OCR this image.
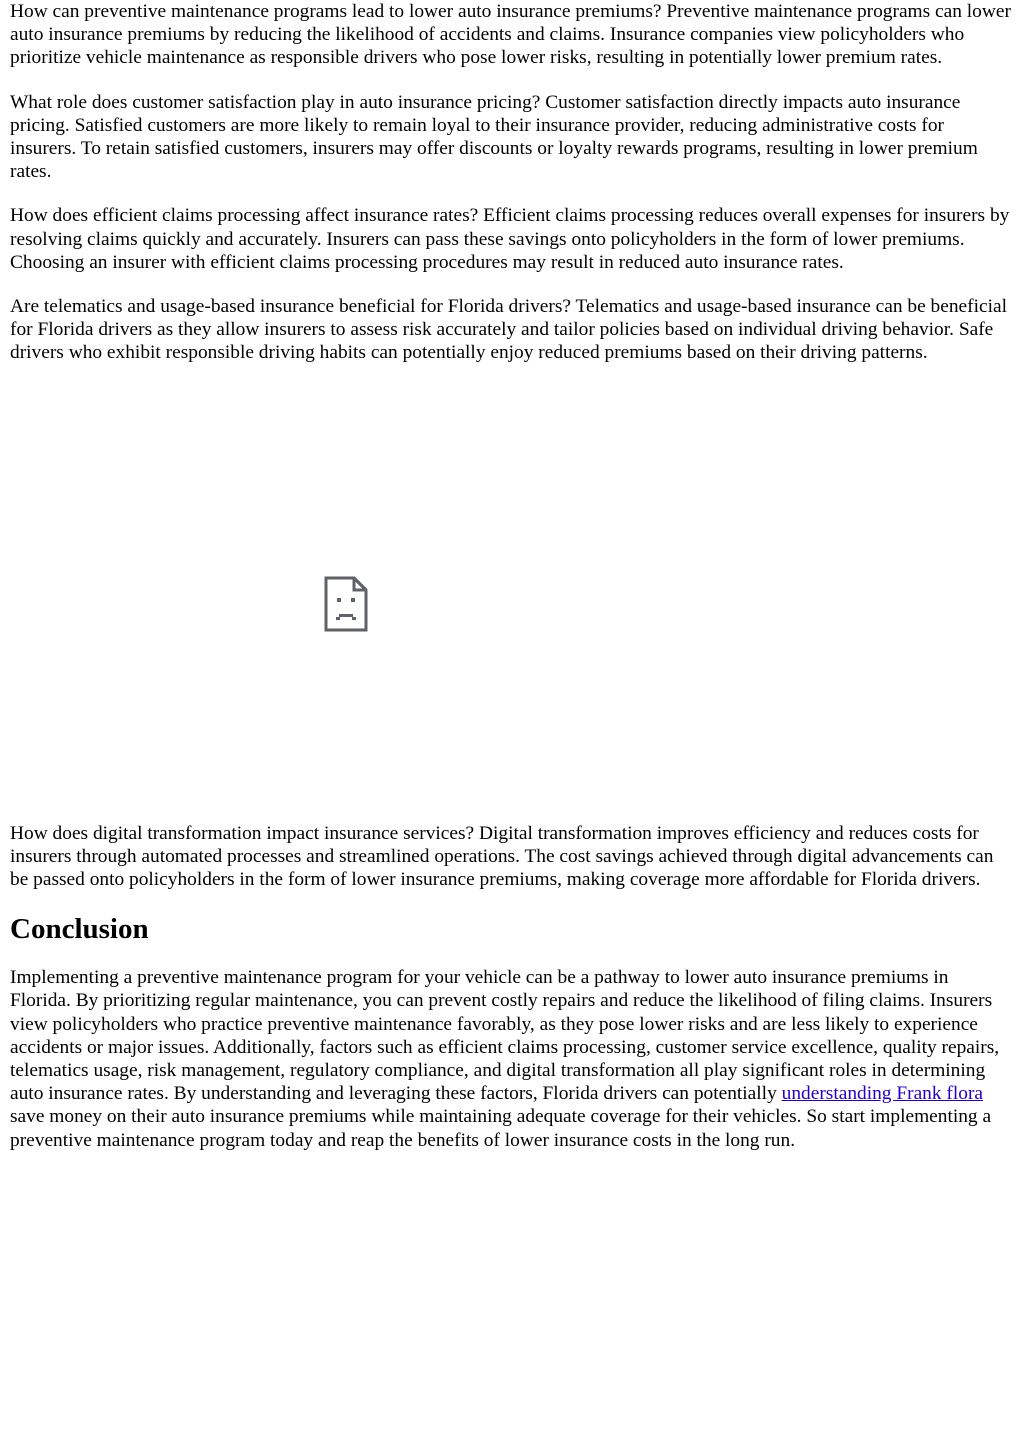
How can preventive maintenance programs lead to lower auto insurance premiums? Preventive maintenance programs can lower auto insurance premiums by reducing the likelihood of accidents and claims. Insurance companies view policyholders who prioritize vehicle maintenance as responsible drivers who pose lower risks, resulting in potentially lower premium rates.

What role does customer satisfaction play in auto insurance pricing? Customer satisfaction directly impacts auto insurance pricing. Satisfied customers are more likely to remain loyal to their insurance provider, reducing administrative costs for insurers. To retain satisfied customers, insurers may offer discounts or loyalty rewards programs, resulting in lower premium rates.

How does efficient claims processing affect insurance rates? Efficient claims processing reduces overall expenses for insurers by resolving claims quickly and accurately. Insurers can pass these savings onto policyholders in the form of lower premiums. Choosing an insurer with efficient claims processing procedures may result in reduced auto insurance rates.

Are telematics and usage-based insurance beneficial for Florida drivers? Telematics and usage-based insurance can be beneficial for Florida drivers as they allow insurers to assess risk accurately and tailor policies based on individual driving behavior. Safe drivers who exhibit responsible driving habits can potentially enjoy reduced premiums based on their driving patterns.

How does digital transformation impact insurance services? Digital transformation improves efficiency and reduces costs for insurers through automated processes and streamlined operations. The cost savings achieved through digital advancements can be passed onto policyholders in the form of lower insurance premiums, making coverage more affordable for Florida drivers.

Conclusion

Implementing a preventive maintenance program for your vehicle can be a pathway to lower auto insurance premiums in Florida. By prioritizing regular maintenance, you can prevent costly repairs and reduce the likelihood of filing claims. Insurers view policyholders who practice preventive maintenance favorably, as they pose lower risks and are less likely to experience accidents or major issues. Additionally, factors such as efficient claims processing, customer service excellence, quality repairs, telematics usage, risk management, regulatory compliance, and digital transformation all play significant roles in determining auto insurance rates. By understanding and leveraging these factors, Florida drivers can potentially understanding Frank flora save money on their auto insurance premiums while maintaining adequate coverage for their vehicles. So start implementing a preventive maintenance program today and reap the benefits of lower insurance costs in the long run.
